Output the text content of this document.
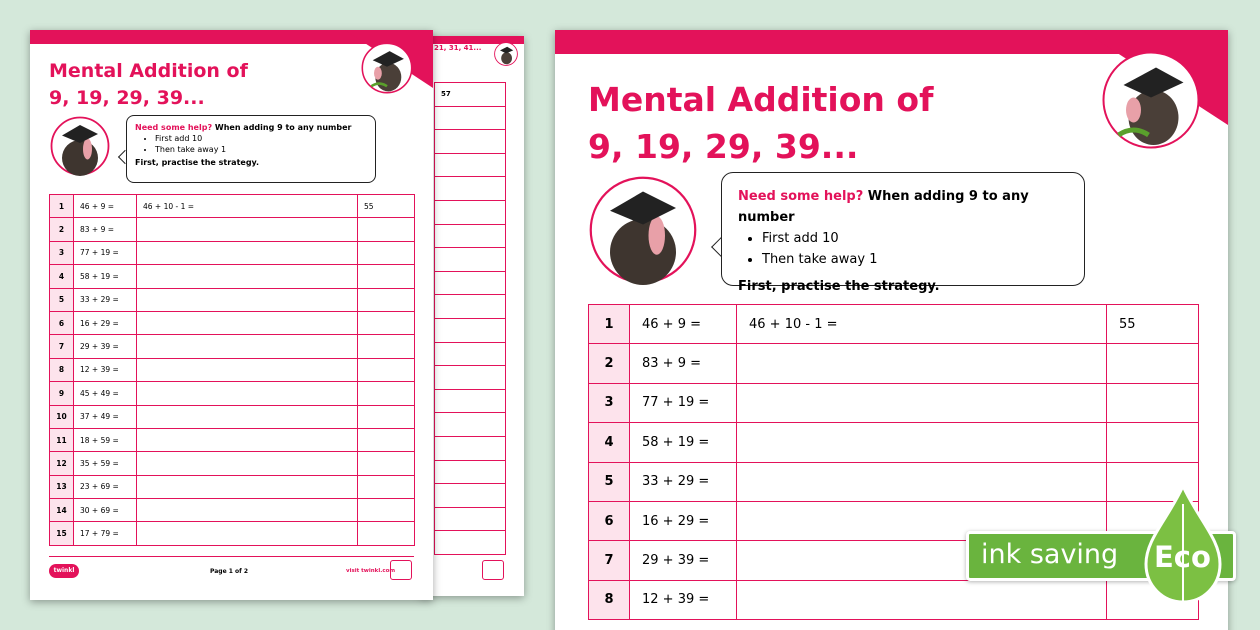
21, 31, 41...
57

Mental Addition of
9, 19, 29, 39...
Need some help? When adding 9 to any number
• First add 10
• Then take away 1
First, practise the strategy.
1	46 + 9 =	46 + 10 - 1 =	55
2	83 + 9 =		
3	77 + 19 =		
4	58 + 19 =		
5	33 + 29 =		
6	16 + 29 =		
7	29 + 39 =		
8	12 + 39 =		
9	45 + 49 =		
10	37 + 49 =		
11	18 + 59 =		
12	35 + 59 =		
13	23 + 69 =		
14	30 + 69 =		
15	17 + 79 =		
twinkl	Page 1 of 2	visit twinkl.com
Mental Addition of
9, 19, 29, 39...
Need some help? When adding 9 to any number
• First add 10
• Then take away 1
First, practise the strategy.
1	46 + 9 =	46 + 10 - 1 =	55
2	83 + 9 =		
3	77 + 19 =		
4	58 + 19 =		
5	33 + 29 =		
6	16 + 29 =		
7	29 + 39 =		
8	12 + 39 =		
ink saving Eco
